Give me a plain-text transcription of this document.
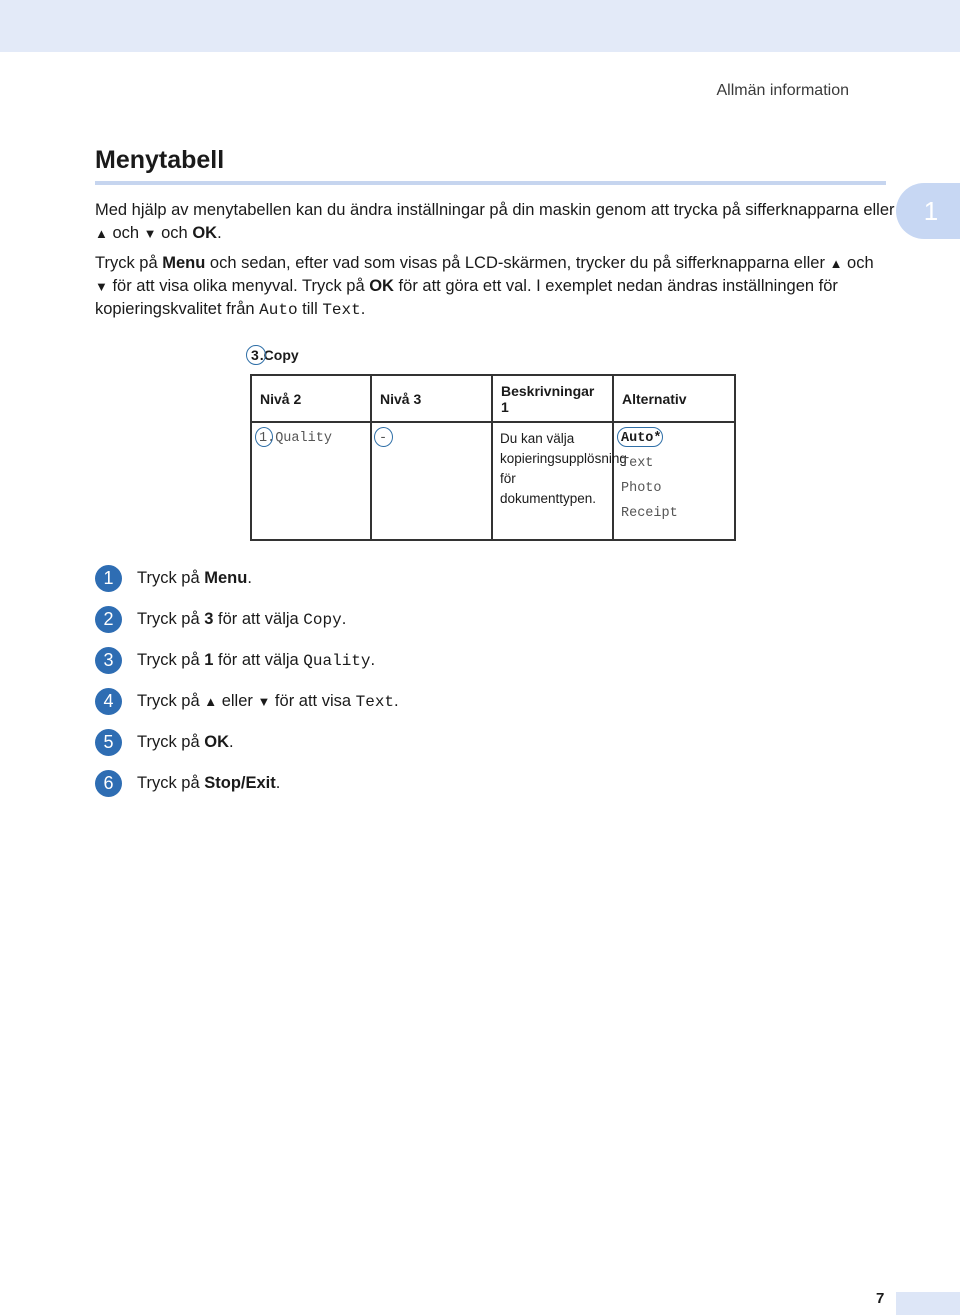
Allmän information
1
Menytabell

Med hjälp av menytabellen kan du ändra inställningar på din maskin genom att trycka på sifferknapparna eller ▲ och ▼ och OK.

Tryck på Menu och sedan, efter vad som visas på LCD-skärmen, trycker du på sifferknapparna eller ▲ och ▼ för att visa olika menyval. Tryck på OK för att göra ett val. I exemplet nedan ändras inställningen för kopieringskvalitet från Auto till Text.

3.Copy
Nivå 2	Nivå 3	Beskrivningar 1	Alternativ
1.Quality	-	Du kan välja kopieringsupplösning för dokumenttypen.	Auto*
Text
Photo
Receipt
1	Tryck på Menu.
2	Tryck på 3 för att välja Copy.
3	Tryck på 1 för att välja Quality.
4	Tryck på ▲ eller ▼ för att visa Text.
5	Tryck på OK.
6	Tryck på Stop/Exit.
7
